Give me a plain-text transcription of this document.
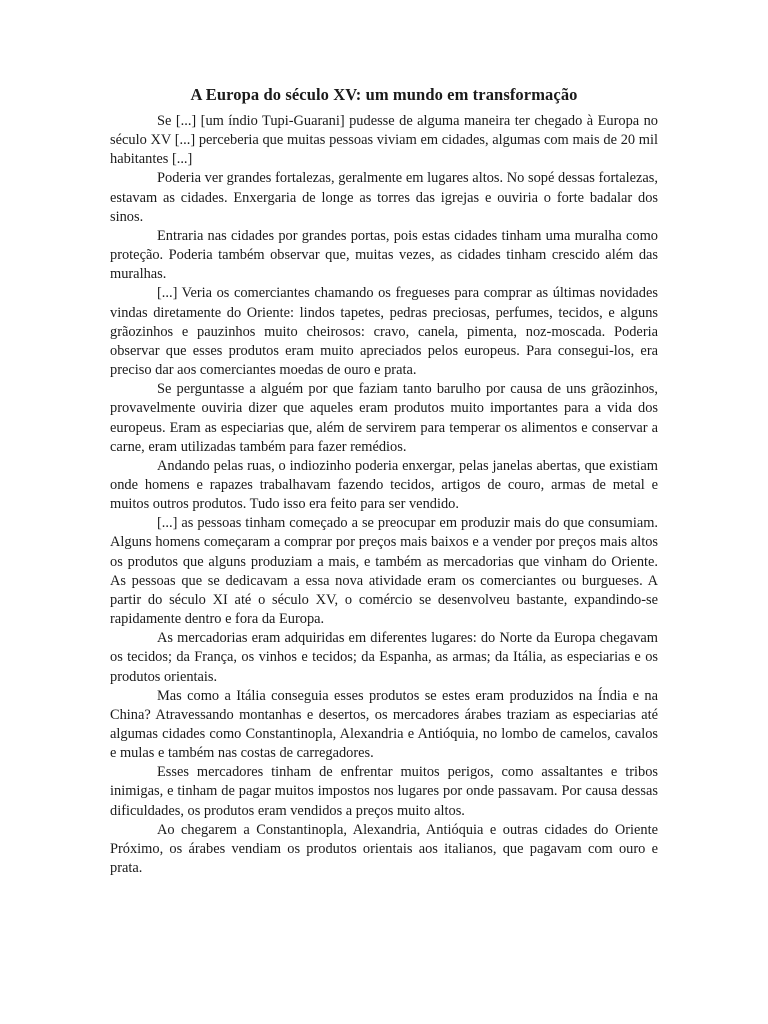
A Europa do século XV: um mundo em transformação

Se [...] [um índio Tupi-Guarani] pudesse de alguma maneira ter chegado à Europa no século XV [...] perceberia que muitas pessoas viviam em cidades, algumas com mais de 20 mil habitantes [...]

Poderia ver grandes fortalezas, geralmente em lugares altos. No sopé dessas fortalezas, estavam as cidades. Enxergaria de longe as torres das igrejas e ouviria o forte badalar dos sinos.

Entraria nas cidades por grandes portas, pois estas cidades tinham uma muralha como proteção. Poderia também observar que, muitas vezes, as cidades tinham crescido além das muralhas.

[...] Veria os comerciantes chamando os fregueses para comprar as últimas novidades vindas diretamente do Oriente: lindos tapetes, pedras preciosas, perfumes, tecidos, e alguns grãozinhos e pauzinhos muito cheirosos: cravo, canela, pimenta, noz-moscada. Poderia observar que esses produtos eram muito apreciados pelos europeus. Para consegui-los, era preciso dar aos comerciantes moedas de ouro e prata.

Se perguntasse a alguém por que faziam tanto barulho por causa de uns grãozinhos, provavelmente ouviria dizer que aqueles eram produtos muito importantes para a vida dos europeus. Eram as especiarias que, além de servirem para temperar os alimentos e conservar a carne, eram utilizadas também para fazer remédios.

Andando pelas ruas, o indiozinho poderia enxergar, pelas janelas abertas, que existiam onde homens e rapazes trabalhavam fazendo tecidos, artigos de couro, armas de metal e muitos outros produtos. Tudo isso era feito para ser vendido.

[...] as pessoas tinham começado a se preocupar em produzir mais do que consumiam. Alguns homens começaram a comprar por preços mais baixos e a vender por preços mais altos os produtos que alguns produziam a mais, e também as mercadorias que vinham do Oriente. As pessoas que se dedicavam a essa nova atividade eram os comerciantes ou burgueses. A partir do século XI até o século XV, o comércio se desenvolveu bastante, expandindo-se rapidamente dentro e fora da Europa.

As mercadorias eram adquiridas em diferentes lugares: do Norte da Europa chegavam os tecidos; da França, os vinhos e tecidos; da Espanha, as armas; da Itália, as especiarias e os produtos orientais.

Mas como a Itália conseguia esses produtos se estes eram produzidos na Índia e na China? Atravessando montanhas e desertos, os mercadores árabes traziam as especiarias até algumas cidades como Constantinopla, Alexandria e Antióquia, no lombo de camelos, cavalos e mulas e também nas costas de carregadores.

Esses mercadores tinham de enfrentar muitos perigos, como assaltantes e tribos inimigas, e tinham de pagar muitos impostos nos lugares por onde passavam. Por causa dessas dificuldades, os produtos eram vendidos a preços muito altos.

Ao chegarem a Constantinopla, Alexandria, Antióquia e outras cidades do Oriente Próximo, os árabes vendiam os produtos orientais aos italianos, que pagavam com ouro e prata.
